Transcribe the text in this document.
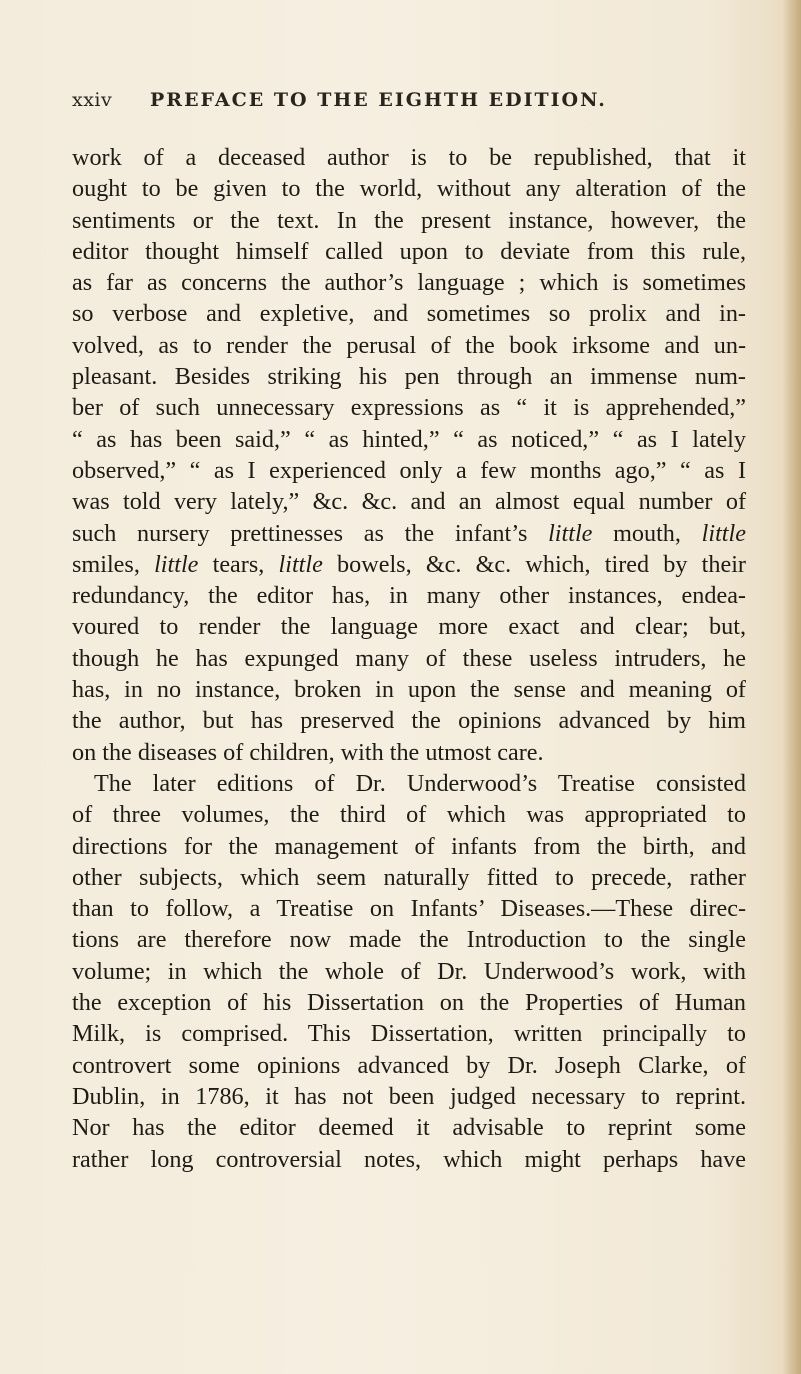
xxiv PREFACE TO THE EIGHTH EDITION.
work of a deceased author is to be republished, that it
ought to be given to the world, without any alteration of the
sentiments or the text. In the present instance, however, the
editor thought himself called upon to deviate from this rule,
as far as concerns the author’s language ; which is sometimes
so verbose and expletive, and sometimes so prolix and in-
volved, as to render the perusal of the book irksome and un-
pleasant. Besides striking his pen through an immense num-
ber of such unnecessary expressions as “ it is apprehended,”
“ as has been said,” “ as hinted,” “ as noticed,” “ as I lately
observed,” “ as I experienced only a few months ago,” “ as I
was told very lately,” &c. &c. and an almost equal number of
such nursery prettinesses as the infant’s little mouth, little
smiles, little tears, little bowels, &c. &c. which, tired by their
redundancy, the editor has, in many other instances, endea-
voured to render the language more exact and clear; but,
though he has expunged many of these useless intruders, he
has, in no instance, broken in upon the sense and meaning of
the author, but has preserved the opinions advanced by him
on the diseases of children, with the utmost care.
The later editions of Dr. Underwood’s Treatise consisted
of three volumes, the third of which was appropriated to
directions for the management of infants from the birth, and
other subjects, which seem naturally fitted to precede, rather
than to follow, a Treatise on Infants’ Diseases.—These direc-
tions are therefore now made the Introduction to the single
volume; in which the whole of Dr. Underwood’s work, with
the exception of his Dissertation on the Properties of Human
Milk, is comprised. This Dissertation, written principally to
controvert some opinions advanced by Dr. Joseph Clarke, of
Dublin, in 1786, it has not been judged necessary to reprint.
Nor has the editor deemed it advisable to reprint some
rather long controversial notes, which might perhaps have
